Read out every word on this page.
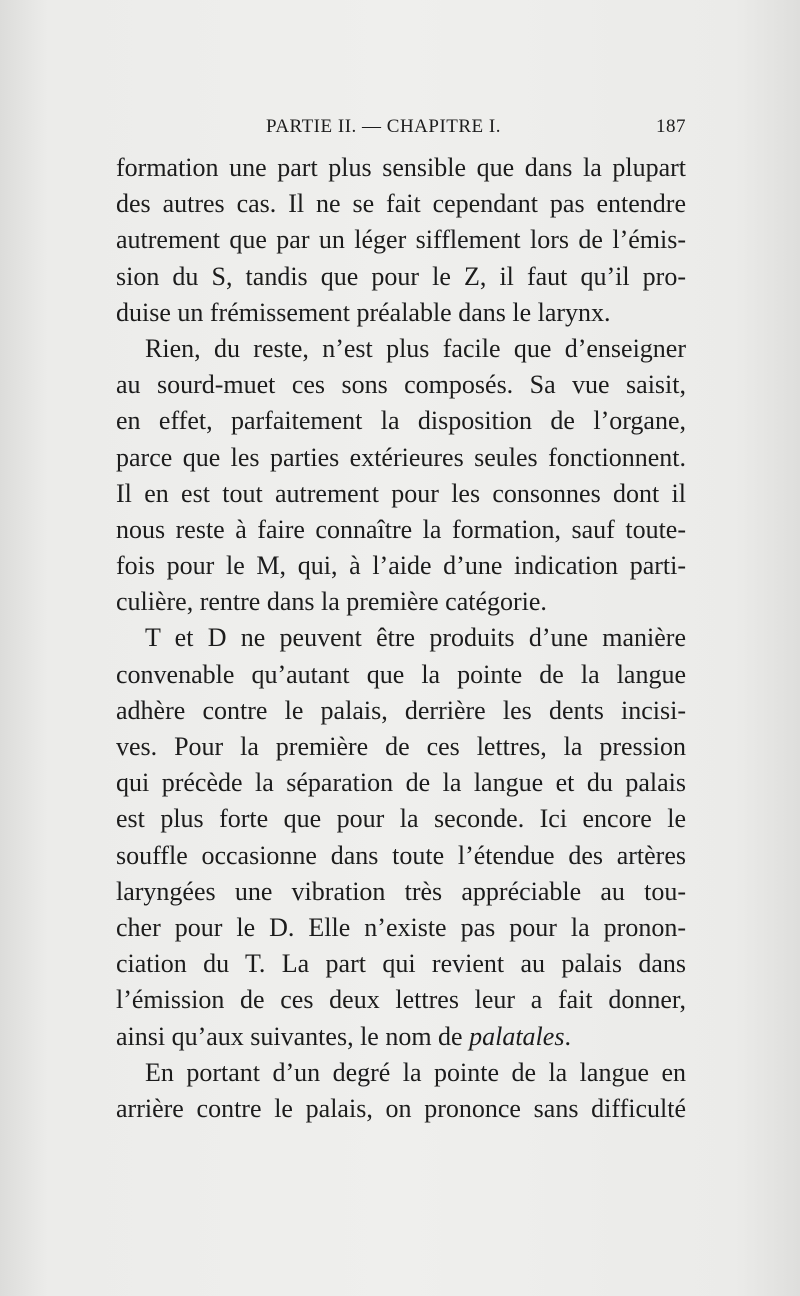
PARTIE II. — CHAPITRE I.	187
formation une part plus sensible que dans la plupart
des autres cas. Il ne se fait cependant pas entendre
autrement que par un léger sifflement lors de l’émis-
sion du S, tandis que pour le Z, il faut qu’il pro-
duise un frémissement préalable dans le larynx.
Rien, du reste, n’est plus facile que d’enseigner
au sourd-muet ces sons composés. Sa vue saisit,
en effet, parfaitement la disposition de l’organe,
parce que les parties extérieures seules fonctionnent.
Il en est tout autrement pour les consonnes dont il
nous reste à faire connaître la formation, sauf toute-
fois pour le M, qui, à l’aide d’une indication parti-
culière, rentre dans la première catégorie.
T et D ne peuvent être produits d’une manière
convenable qu’autant que la pointe de la langue
adhère contre le palais, derrière les dents incisi-
ves. Pour la première de ces lettres, la pression
qui précède la séparation de la langue et du palais
est plus forte que pour la seconde. Ici encore le
souffle occasionne dans toute l’étendue des artères
laryngées une vibration très appréciable au tou-
cher pour le D. Elle n’existe pas pour la pronon-
ciation du T. La part qui revient au palais dans
l’émission de ces deux lettres leur a fait donner,
ainsi qu’aux suivantes, le nom de palatales.
En portant d’un degré la pointe de la langue en
arrière contre le palais, on prononce sans difficulté
